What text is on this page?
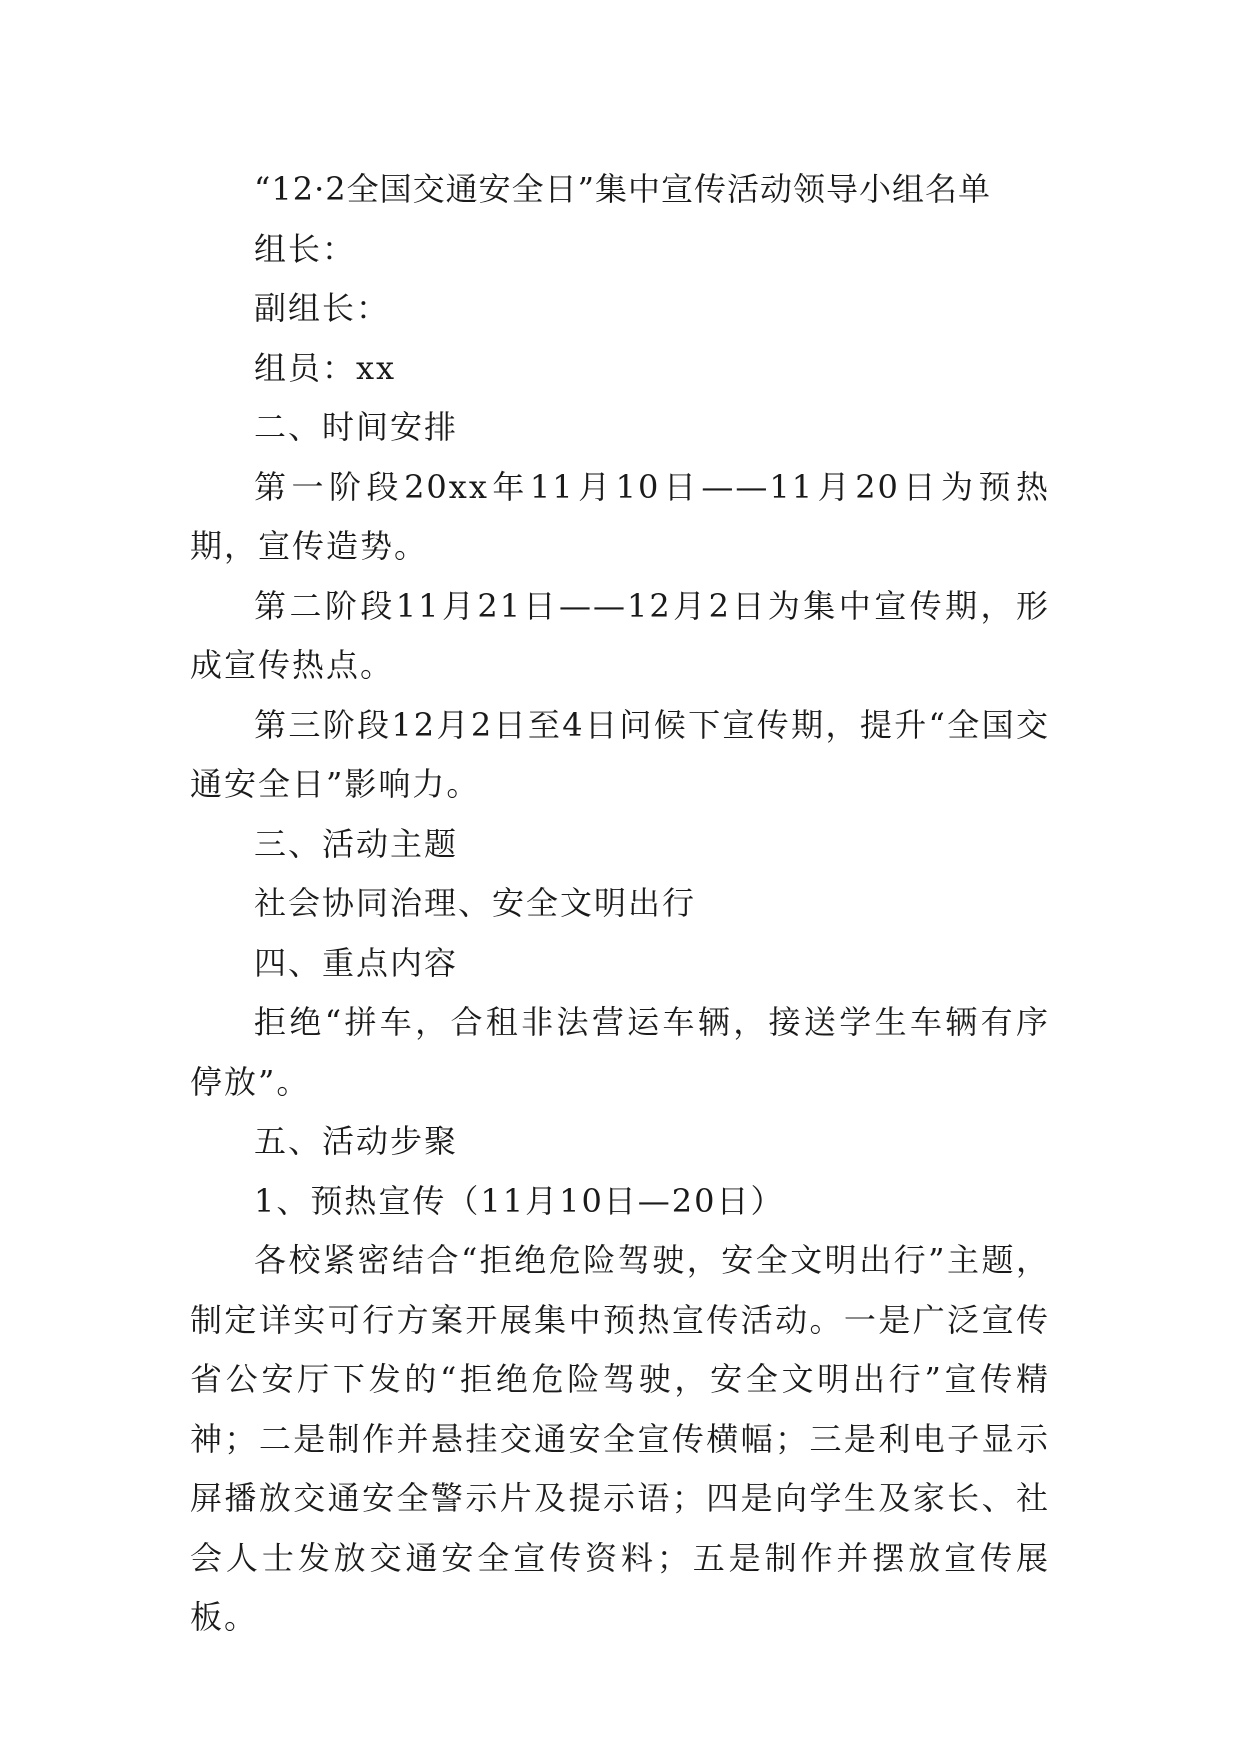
“12·2全国交通安全日”集中宣传活动领导小组名单

组长：

副组长：

组员：xx

二、时间安排

第一阶段20xx年11月10日——11月20日为预热期，宣传造势。

第二阶段11月21日——12月2日为集中宣传期，形成宣传热点。

第三阶段12月2日至4日问候下宣传期，提升“全国交通安全日”影响力。

三、活动主题

社会协同治理、安全文明出行

四、重点内容

拒绝“拼车，合租非法营运车辆，接送学生车辆有序停放”。

五、活动步聚

1、预热宣传（11月10日—20日）

各校紧密结合“拒绝危险驾驶，安全文明出行”主题，制定详实可行方案开展集中预热宣传活动。一是广泛宣传省公安厅下发的“拒绝危险驾驶，安全文明出行”宣传精神；二是制作并悬挂交通安全宣传横幅；三是利电子显示屏播放交通安全警示片及提示语；四是向学生及家长、社会人士发放交通安全宣传资料；五是制作并摆放宣传展板。
